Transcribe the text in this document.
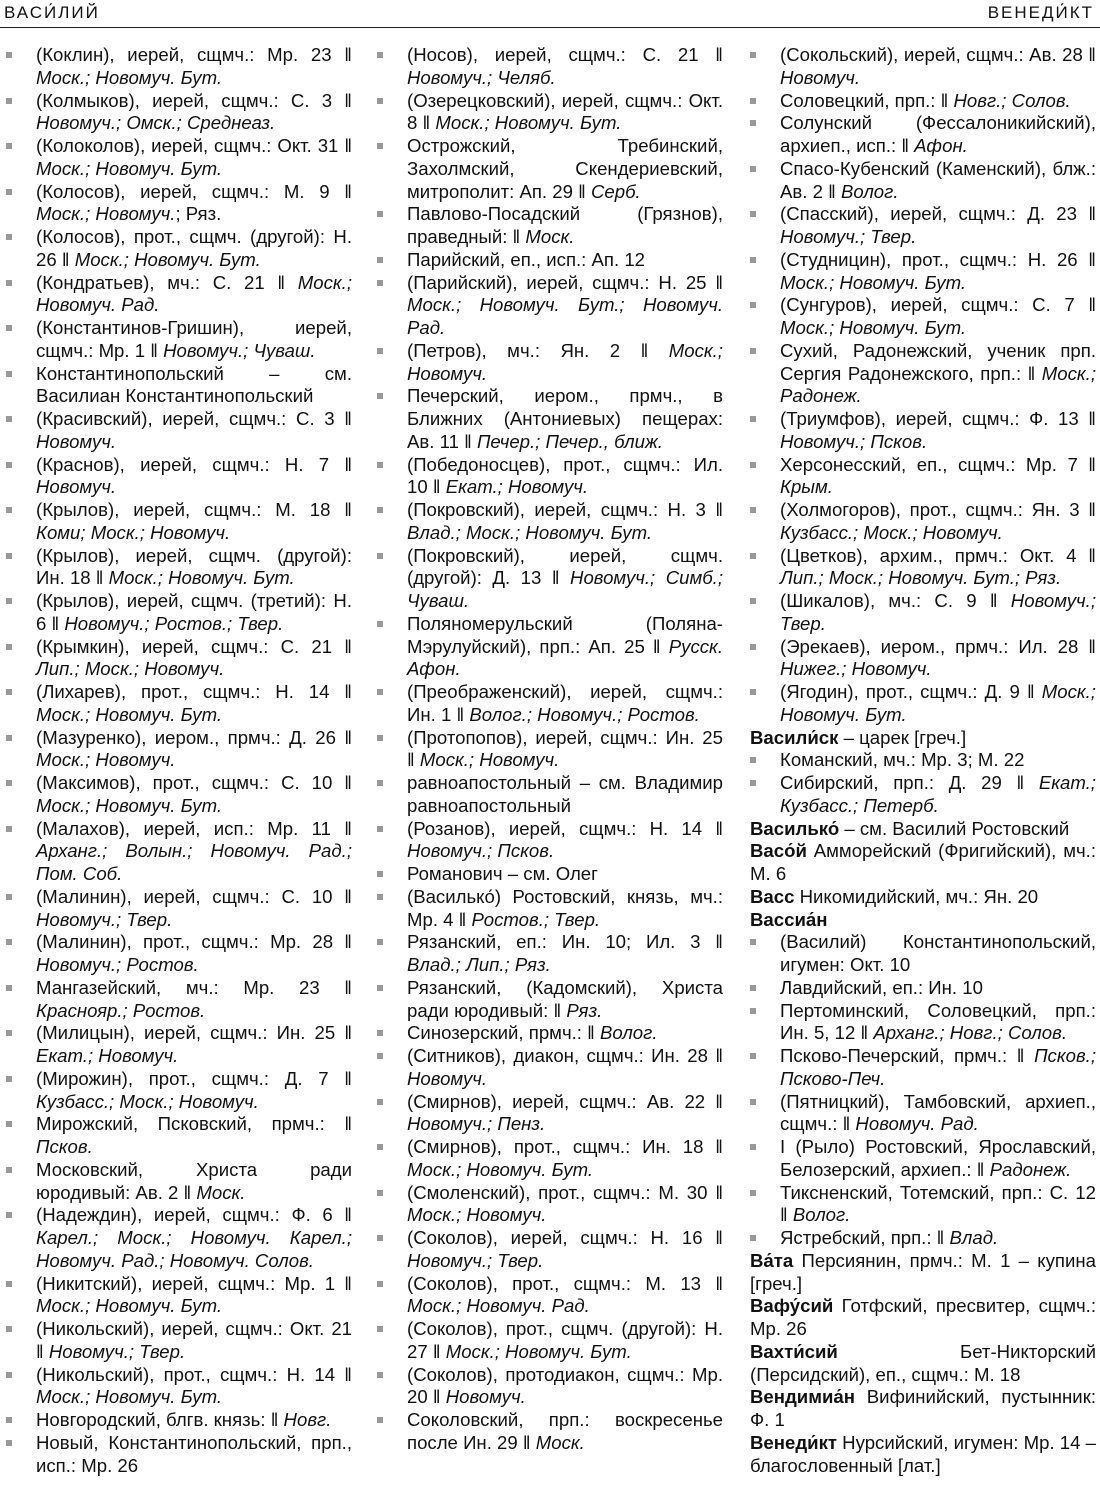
ВАСИ́ЛИЙ	ВЕНЕДИ́КТ
(Коклин), иерей, сщмч.: Мр. 23 ‖ Моск.; Новомуч. Бут.
(Колмыков), иерей, сщмч.: С. 3 ‖ Новомуч.; Омск.; Среднеаз.
(Колоколов), иерей, сщмч.: Окт. 31 ‖ Моск.; Новомуч. Бут.
(Колосов), иерей, сщмч.: М. 9 ‖ Моск.; Новомуч.; Ряз.
(Колосов), прот., сщмч. (другой): Н. 26 ‖ Моск.; Новомуч. Бут.
(Кондратьев), мч.: С. 21 ‖ Моск.; Новомуч. Рад.
(Константинов-Гришин), иерей, сщмч.: Мр. 1 ‖ Новомуч.; Чуваш.
Константинопольский – см. Василиан Константинопольский
(Красивский), иерей, сщмч.: С. 3 ‖ Новомуч.
(Краснов), иерей, сщмч.: Н. 7 ‖ Новомуч.
(Крылов), иерей, сщмч.: М. 18 ‖ Коми; Моск.; Новомуч.
(Крылов), иерей, сщмч. (другой): Ин. 18 ‖ Моск.; Новомуч. Бут.
(Крылов), иерей, сщмч. (третий): Н. 6 ‖ Новомуч.; Ростов.; Твер.
(Крымкин), иерей, сщмч.: С. 21 ‖ Лип.; Моск.; Новомуч.
(Лихарев), прот., сщмч.: Н. 14 ‖ Моск.; Новомуч. Бут.
(Мазуренко), иером., прмч.: Д. 26 ‖ Моск.; Новомуч.
(Максимов), прот., сщмч.: С. 10 ‖ Моск.; Новомуч. Бут.
(Малахов), иерей, исп.: Мр. 11 ‖ Арханг.; Волын.; Новомуч. Рад.; Пом. Соб.
(Малинин), иерей, сщмч.: С. 10 ‖ Новомуч.; Твер.
(Малинин), прот., сщмч.: Мр. 28 ‖ Новомуч.; Ростов.
Мангазейский, мч.: Мр. 23 ‖ Краснояр.; Ростов.
(Милицын), иерей, сщмч.: Ин. 25 ‖ Екат.; Новомуч.
(Мирожин), прот., сщмч.: Д. 7 ‖ Кузбасс.; Моск.; Новомуч.
Мирожский, Псковский, прмч.: ‖ Псков.
Московский, Христа ради юродивый: Ав. 2 ‖ Моск.
(Надеждин), иерей, сщмч.: Ф. 6 ‖ Карел.; Моск.; Новомуч. Карел.; Новомуч. Рад.; Новомуч. Солов.
(Никитский), иерей, сщмч.: Мр. 1 ‖ Моск.; Новомуч. Бут.
(Никольский), иерей, сщмч.: Окт. 21 ‖ Новомуч.; Твер.
(Никольский), прот., сщмч.: Н. 14 ‖ Моск.; Новомуч. Бут.
Новгородский, блгв. князь: ‖ Новг.
Новый, Константинопольский, прп., исп.: Мр. 26
(Носов), иерей, сщмч.: С. 21 ‖ Новомуч.; Челяб.
(Озерецковский), иерей, сщмч.: Окт. 8 ‖ Моск.; Новомуч. Бут.
Острожский, Требинский, Захолмский, Скендериевский, митрополит: Ап. 29 ‖ Серб.
Павлово-Посадский (Грязнов), праведный: ‖ Моск.
Парийский, еп., исп.: Ап. 12
(Парийский), иерей, сщмч.: Н. 25 ‖ Моск.; Новомуч. Бут.; Новомуч. Рад.
(Петров), мч.: Ян. 2 ‖ Моск.; Новомуч.
Печерский, иером., прмч., в Ближних (Антониевых) пещерах: Ав. 11 ‖ Печер.; Печер., ближ.
(Победоносцев), прот., сщмч.: Ил. 10 ‖ Екат.; Новомуч.
(Покровский), иерей, сщмч.: Н. 3 ‖ Влад.; Моск.; Новомуч. Бут.
(Покровский), иерей, сщмч. (другой): Д. 13 ‖ Новомуч.; Симб.; Чуваш.
Поляномерульский (Поляна-Мэрулуйский), прп.: Ап. 25 ‖ Русск. Афон.
(Преображенский), иерей, сщмч.: Ин. 1 ‖ Волог.; Новомуч.; Ростов.
(Протопопов), иерей, сщмч.: Ин. 25 ‖ Моск.; Новомуч.
равноапостольный – см. Владимир равноапостольный
(Розанов), иерей, сщмч.: Н. 14 ‖ Новомуч.; Псков.
Романович – см. Олег
(Василько́) Ростовский, князь, мч.: Мр. 4 ‖ Ростов.; Твер.
Рязанский, еп.: Ин. 10; Ил. 3 ‖ Влад.; Лип.; Ряз.
Рязанский, (Кадомский), Христа ради юродивый: ‖ Ряз.
Синозерский, прмч.: ‖ Волог.
(Ситников), диакон, сщмч.: Ин. 28 ‖ Новомуч.
(Смирнов), иерей, сщмч.: Ав. 22 ‖ Новомуч.; Пенз.
(Смирнов), прот., сщмч.: Ин. 18 ‖ Моск.; Новомуч. Бут.
(Смоленский), прот., сщмч.: М. 30 ‖ Моск.; Новомуч.
(Соколов), иерей, сщмч.: Н. 16 ‖ Новомуч.; Твер.
(Соколов), прот., сщмч.: М. 13 ‖ Моск.; Новомуч. Рад.
(Соколов), прот., сщмч. (другой): Н. 27 ‖ Моск.; Новомуч. Бут.
(Соколов), протодиакон, сщмч.: Мр. 20 ‖ Новомуч.
Соколовский, прп.: воскресенье после Ин. 29 ‖ Моск.
(Сокольский), иерей, сщмч.: Ав. 28 ‖ Новомуч.
Соловецкий, прп.: ‖ Новг.; Солов.
Солунский (Фессалоникийский), архиеп., исп.: ‖ Афон.
Спасо-Кубенский (Каменский), блж.: Ав. 2 ‖ Волог.
(Спасский), иерей, сщмч.: Д. 23 ‖ Новомуч.; Твер.
(Студницин), прот., сщмч.: Н. 26 ‖ Моск.; Новомуч. Бут.
(Сунгуров), иерей, сщмч.: С. 7 ‖ Моск.; Новомуч. Бут.
Сухий, Радонежский, ученик прп. Сергия Радонежского, прп.: ‖ Моск.; Радонеж.
(Триумфов), иерей, сщмч.: Ф. 13 ‖ Новомуч.; Псков.
Херсонесский, еп., сщмч.: Мр. 7 ‖ Крым.
(Холмогоров), прот., сщмч.: Ян. 3 ‖ Кузбасс.; Моск.; Новомуч.
(Цветков), архим., прмч.: Окт. 4 ‖ Лип.; Моск.; Новомуч. Бут.; Ряз.
(Шикалов), мч.: С. 9 ‖ Новомуч.; Твер.
(Эрекаев), иером., прмч.: Ил. 28 ‖ Нижег.; Новомуч.
(Ягодин), прот., сщмч.: Д. 9 ‖ Моск.; Новомуч. Бут.
Васили́ск – царек [греч.]
Команский, мч.: Мр. 3; М. 22
Сибирский, прп.: Д. 29 ‖ Екат.; Кузбасс.; Петерб.
Василько́ – см. Василий Ростовский
Васо́й Амморейский (Фригийский), мч.: М. 6
Васс Никомидийский, мч.: Ян. 20
Вассиа́н
(Василий) Константинопольский, игумен: Окт. 10
Лавдийский, еп.: Ин. 10
Пертоминский, Соловецкий, прп.: Ин. 5, 12 ‖ Арханг.; Новг.; Солов.
Псково-Печерский, прмч.: ‖ Псков.; Псково-Печ.
(Пятницкий), Тамбовский, архиеп., сщмч.: ‖ Новомуч. Рад.
I (Рыло) Ростовский, Ярославский, Белозерский, архиеп.: ‖ Радонеж.
Тиксненский, Тотемский, прп.: С. 12 ‖ Волог.
Ястребский, прп.: ‖ Влад.
Ва́та Персиянин, прмч.: М. 1 – купина [греч.]
Вафу́сий Готфский, пресвитер, сщмч.: Мр. 26
Вахти́сий Бет-Никторский (Персидский), еп., сщмч.: М. 18
Вендимиа́н Вифинийский, пустынник: Ф. 1
Венеди́кт Нурсийский, игумен: Мр. 14 – благословенный [лат.]
